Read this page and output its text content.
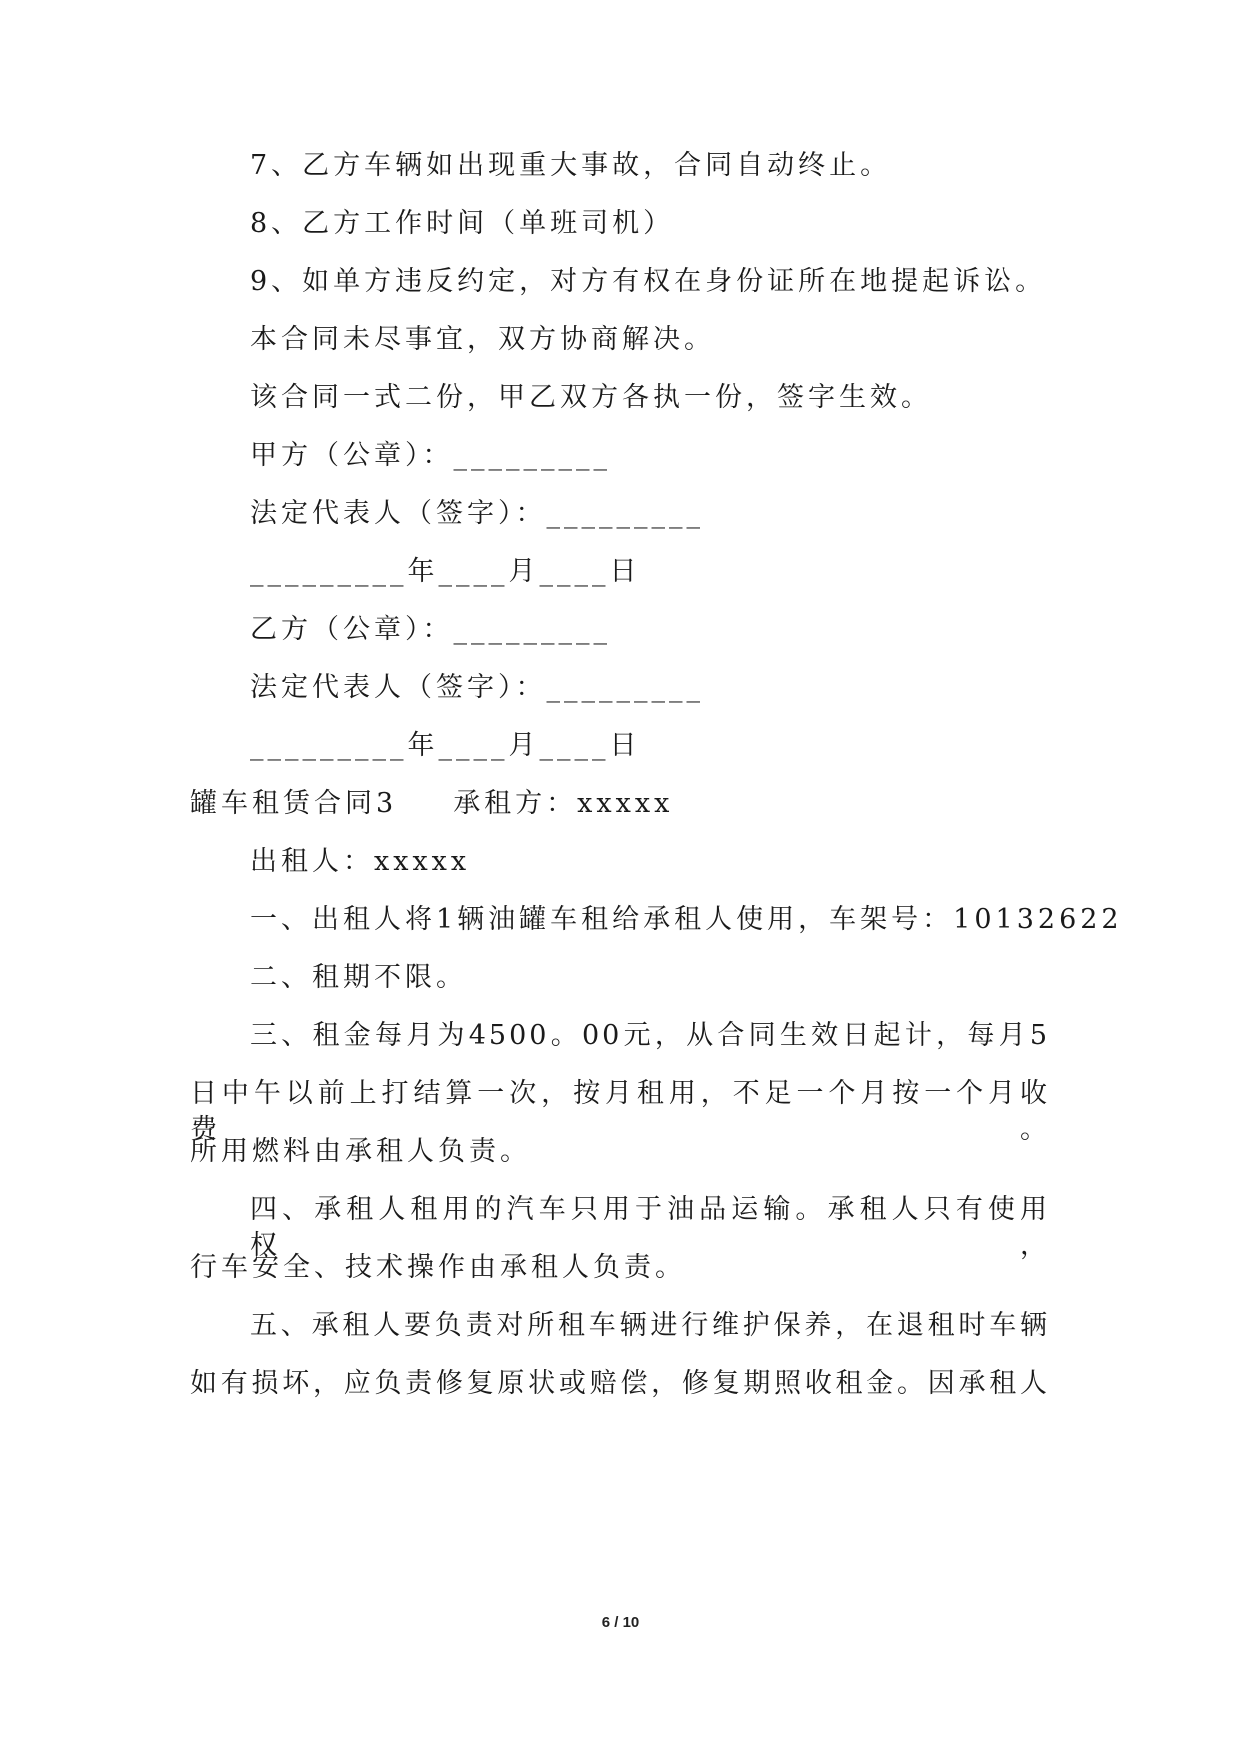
7、乙方车辆如出现重大事故，合同自动终止。
8、乙方工作时间（单班司机）
9、如单方违反约定，对方有权在身份证所在地提起诉讼。
本合同未尽事宜，双方协商解决。
该合同一式二份，甲乙双方各执一份，签字生效。
甲方（公章）：_________
法定代表人（签字）：_________
_________年____月____日
乙方（公章）：_________
法定代表人（签字）：_________
_________年____月____日
罐车租赁合同3 承租方：xxxxx
出租人：xxxxx
一、出租人将1辆油罐车租给承租人使用，车架号：10132622
二、租期不限。
三、租金每月为4500。00元，从合同生效日起计，每月5
日中午以前上打结算一次，按月租用，不足一个月按一个月收费。
所用燃料由承租人负责。
四、承租人租用的汽车只用于油品运输。承租人只有使用权，
行车安全、技术操作由承租人负责。
五、承租人要负责对所租车辆进行维护保养，在退租时车辆
如有损坏，应负责修复原状或赔偿，修复期照收租金。因承租人
6 / 10
